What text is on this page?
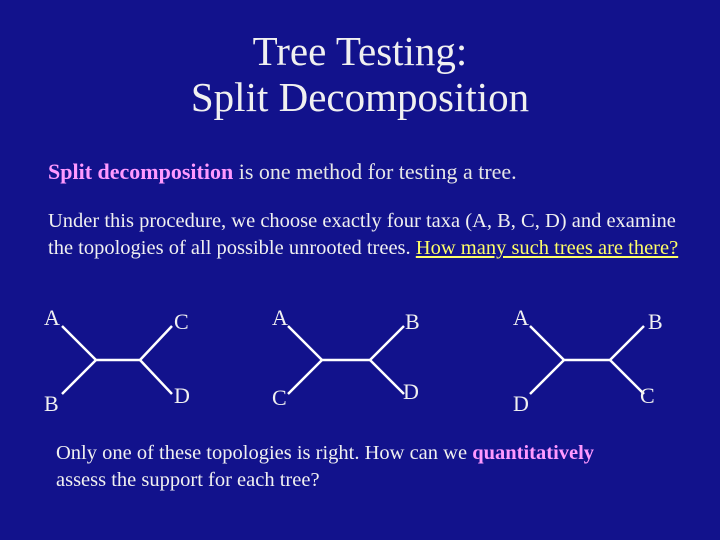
Tree Testing:
Split Decomposition
Split decomposition is one method for testing a tree.
Under this procedure, we choose exactly four taxa (A, B, C, D) and examine the topologies of all possible unrooted trees. How many such trees are there?
A	C
B	D
A	B
C	D
A	B
D	C
Only one of these topologies is right. How can we quantitatively assess the support for each tree?
